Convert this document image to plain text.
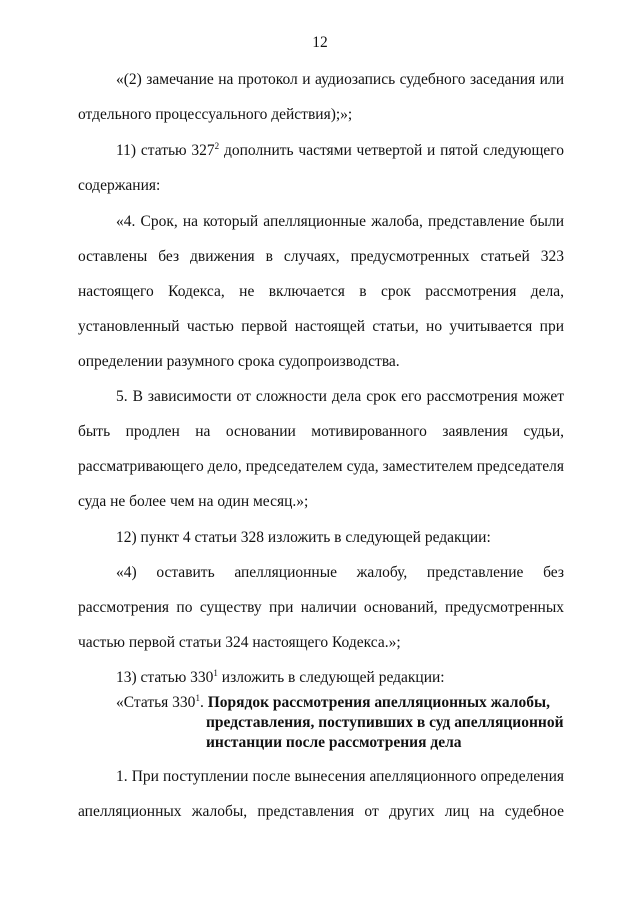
12
«(2) замечание на протокол и аудиозапись судебного заседания или
отдельного процессуального действия);»;
11) статью $327^2$ дополнить частями четвертой и пятой следующего
содержания:
«4. Срок, на который апелляционные жалоба, представление были
оставлены без движения в случаях, предусмотренных статьей 323
настоящего Кодекса, не включается в срок рассмотрения дела,
установленный частью первой настоящей статьи, но учитывается при
определении разумного срока судопроизводства.
5. В зависимости от сложности дела срок его рассмотрения может
быть продлен на основании мотивированного заявления судьи,
рассматривающего дело, председателем суда, заместителем председателя
суда не более чем на один месяц.»;
12) пункт 4 статьи 328 изложить в следующей редакции:
«4) оставить апелляционные жалобу, представление без
рассмотрения по существу при наличии оснований, предусмотренных
частью первой статьи 324 настоящего Кодекса.»;
13) статью $330^1$ изложить в следующей редакции:
«Статья $330^1$. Порядок рассмотрения апелляционных жалобы,
представления, поступивших в суд апелляционной
инстанции после рассмотрения дела
1. При поступлении после вынесения апелляционного определения
апелляционных жалобы, представления от других лиц на судебное
